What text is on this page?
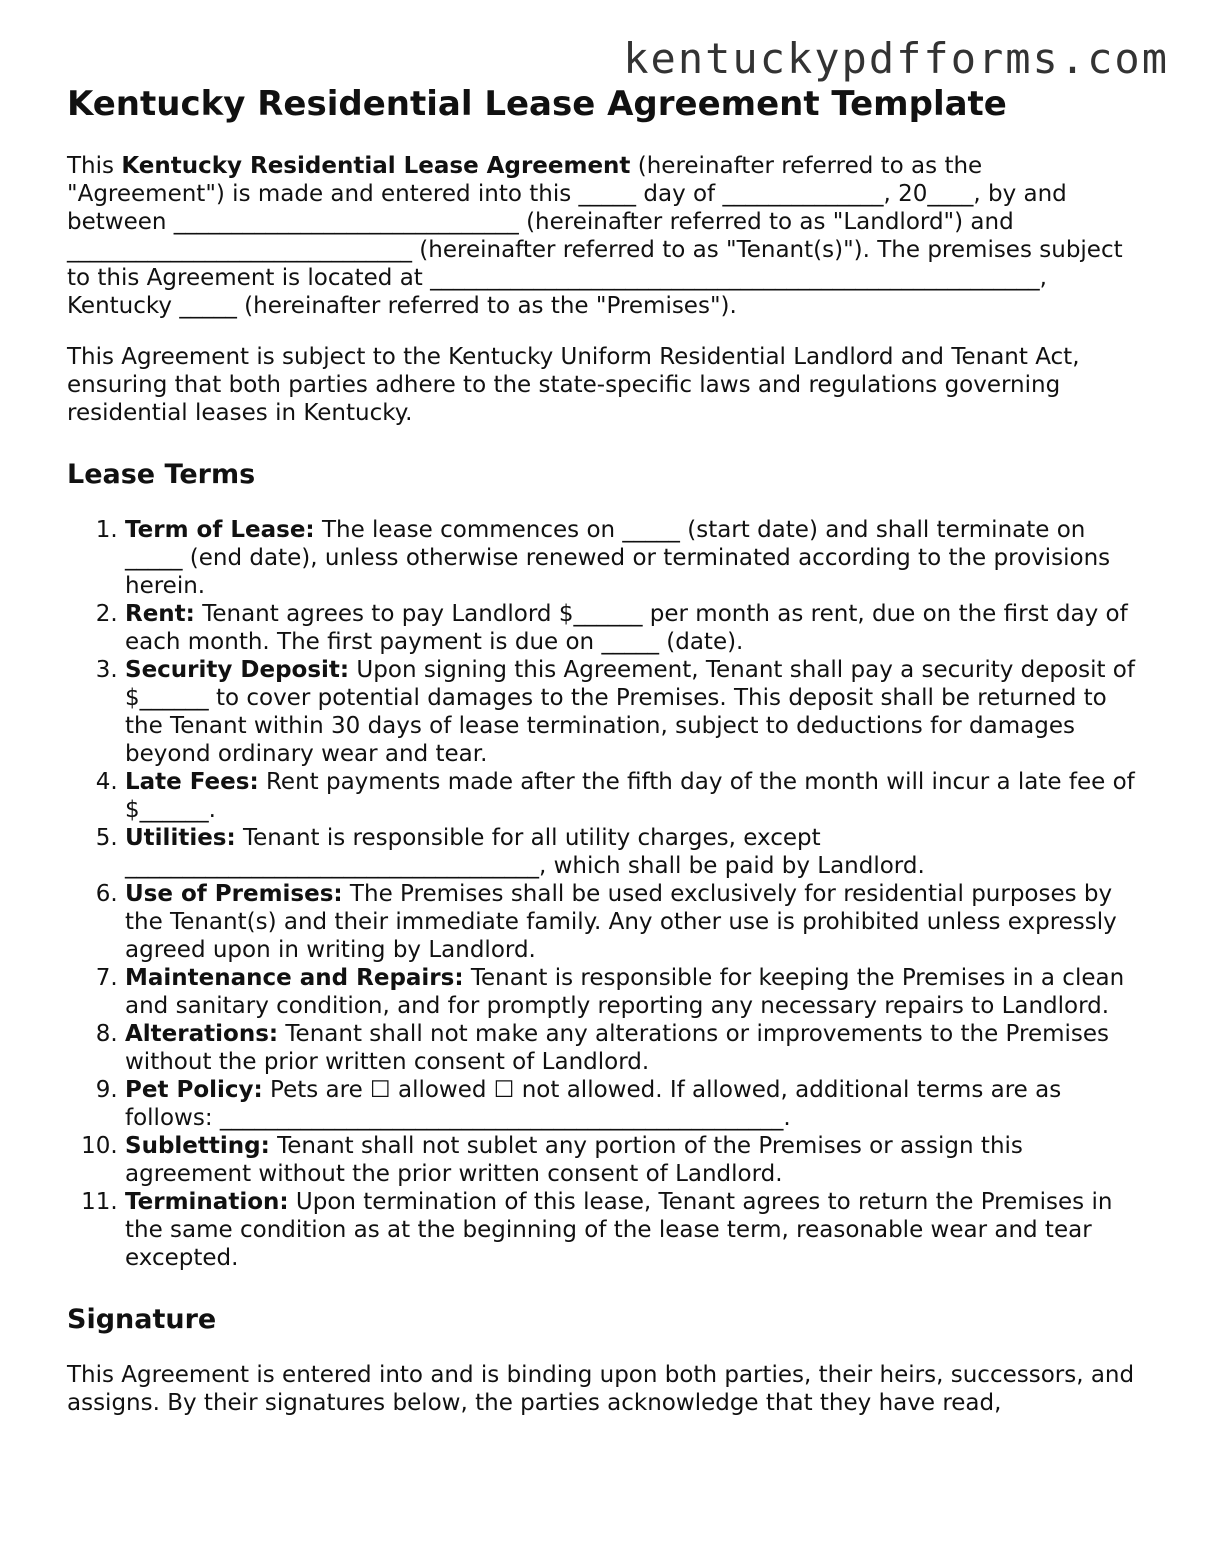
kentuckypdfforms.com
Kentucky Residential Lease Agreement Template

This Kentucky Residential Lease Agreement (hereinafter referred to as the "Agreement") is made and entered into this _____ day of ______________, 20____, by and between ______________________________ (hereinafter referred to as "Landlord") and ______________________________ (hereinafter referred to as "Tenant(s)"). The premises subject to this Agreement is located at _____________________________________________________, Kentucky _____ (hereinafter referred to as the "Premises").

This Agreement is subject to the Kentucky Uniform Residential Landlord and Tenant Act, ensuring that both parties adhere to the state-specific laws and regulations governing residential leases in Kentucky.

Lease Terms
1. Term of Lease: The lease commences on _____ (start date) and shall terminate on _____ (end date), unless otherwise renewed or terminated according to the provisions herein.
2. Rent: Tenant agrees to pay Landlord $______ per month as rent, due on the first day of each month. The first payment is due on _____ (date).
3. Security Deposit: Upon signing this Agreement, Tenant shall pay a security deposit of $______ to cover potential damages to the Premises. This deposit shall be returned to the Tenant within 30 days of lease termination, subject to deductions for damages beyond ordinary wear and tear.
4. Late Fees: Rent payments made after the fifth day of the month will incur a late fee of $______.
5. Utilities: Tenant is responsible for all utility charges, except ____________________________________, which shall be paid by Landlord.
6. Use of Premises: The Premises shall be used exclusively for residential purposes by the Tenant(s) and their immediate family. Any other use is prohibited unless expressly agreed upon in writing by Landlord.
7. Maintenance and Repairs: Tenant is responsible for keeping the Premises in a clean and sanitary condition, and for promptly reporting any necessary repairs to Landlord.
8. Alterations: Tenant shall not make any alterations or improvements to the Premises without the prior written consent of Landlord.
9. Pet Policy: Pets are ☐ allowed ☐ not allowed. If allowed, additional terms are as follows: _________________________________________________.
10. Subletting: Tenant shall not sublet any portion of the Premises or assign this agreement without the prior written consent of Landlord.
11. Termination: Upon termination of this lease, Tenant agrees to return the Premises in the same condition as at the beginning of the lease term, reasonable wear and tear excepted.
Signature

This Agreement is entered into and is binding upon both parties, their heirs, successors, and assigns. By their signatures below, the parties acknowledge that they have read,
